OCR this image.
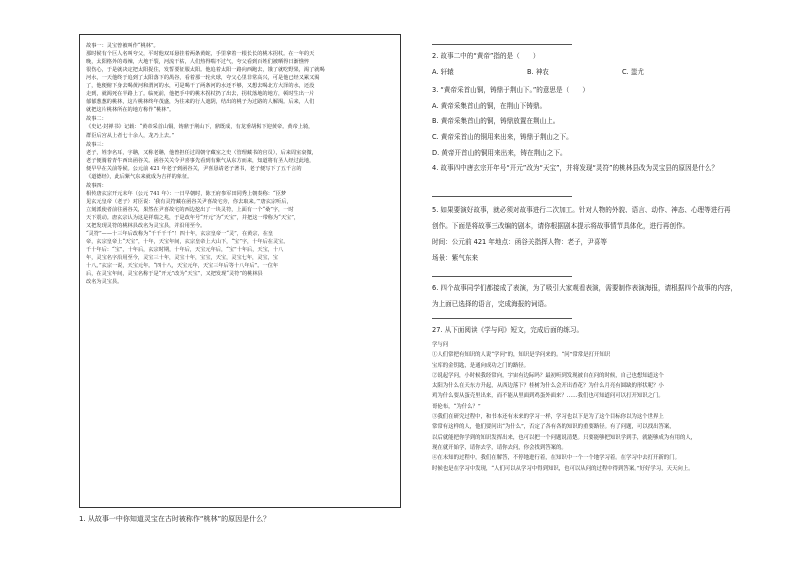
故事一：灵宝曾被叫作“桃林”。

那时候有个巨人名叫夸父，平时他双耳悬挂着两条黄蛇，手里拿着一根长长的桃木拐杖。在一年的天

晚，太阳格外的毒辣，大地干裂，河流干枯，人们热得喘不过气，夸父看到百姓们被晒得日渐憔悴

很伤心，于是就决定把太阳捉住，发誓要征服太阳。他追着太阳一路向西跑去，饿了就吃野果，渴了就喝

河水，一天他终于追到了太阳落下的禺谷，看着那一轮火球，夸父心里非常高兴，可是他已经又累又渴

了，他便俯下身去喝黄河和渭河的水，可是喝干了两条河的水还不够，又想去喝北方大泽的水，还没

走到，就渴死在半路上了。临死前，他把手中的桃木拐杖扔了出去，拐杖落地的地方，顿时生出一片

郁郁葱葱的桃林，这片桃林终年茂盛，为往来的行人遮阴，结出的桃子为过路的人解渴。后来，人们

就把这片桃林所在的地方称作“桃林”。

故事二：

《史记·封禅书》记载：“黄帝采首山铜，铸鼎于荆山下，鼎既成，有龙垂胡髯下迎黄帝。黄帝上骑，

群臣后宫从上者七十余人，龙乃上去。”

故事三：

老子，姓李名耳，字聃，又称老聃，他曾担任过周朝守藏室之史（管理藏书的官员），后来周室衰微，

老子便骑着青牛西出函谷关。函谷关关令尹喜事先看到有紫气从东方而来，知道将有圣人经过此地，

便早早在关前等候。公元前 421 年老子到函谷关，尹喜恳请老子著书，老子便写下了五千言的

《道德经》，此后紫气东来就成为吉祥的象征。

故事四：

相传唐玄宗开元末年（公元 741 年）：一日早朝时，陈王府参军田同秀上朝奏称：“臣梦

见玄元皇帝（老子）对臣说：‘我有灵符藏在函谷关尹喜故宅旁，你去取来。’”唐玄宗听后，

立刻派使者前往函谷关，果然在尹喜故宅的西边挖出了一块灵符，上面有一个“桑”字，一时

天下震动。唐玄宗认为这是祥瑞之兆，于是改年号“开元”为“天宝”，并把这一带称为“天宝”，

又把发现灵符的桃林县改名为灵宝县，并沿用至今。

“灵符”——十三年后改称为“千千千千”！四十年，玄宗皇帝一“灵”，在黄宗，在皇

帝，玄宗皇帝上“天宝”，十年，天宝年间，玄宗皇帝上大山下，“宝”字，十年后在灵宝。

千十年后：“宝”，十年后，玄宗时期，十年后，天宝元年后，“宝”十年后，天宝，十八

年，灵宝名字沿用至今，灵宝三十年，灵宝十年，宝宝，天宝，灵宝七年，灵宝，宝

十八。”玄宗一说，天宝元年。“四十八，天宝元年，天宝三年后等十八年后”。一位年

后，在灵宝年间，灵宝名称于是“开元”改为“天宝”，又把发现“灵符”的桃林县

改名为灵宝县。

1. 从故事一中你知道灵宝在古时被称作“桃林”的原因是什么？
2. 故事二中的“黄帝”指的是（　　）
A. 轩辕	B. 神农	C. 蚩尤
3. “黄帝采首山铜，铸鼎于荆山下。”的意思是（　　）
A. 黄帝采集首山的铜，在荆山下铸鼎。
B. 黄帝采集首山的铜，铸鼎放置在荆山上。
C. 黄帝采首山的铜用来出来，铸鼎于荆山之下。
D. 黄帝开首山的铜用来出来，铸在荆山之下。
4. 故事四中唐玄宗开年号“开元”改为“天宝”，并将发现“灵符”的桃林县改为灵宝县的原因是什么？
5. 如果要演好故事，就必须对故事进行二次加工。针对人物的外貌、语言、动作、神态、心理等进行再
创作。下面是将故事三改编的剧本，请你根据剧本提示将故事情节具体化，进行再创作。
时间：公元前 421 年地点：函谷关指挥人物：老子，尹喜等
场景：紫气东来
6. 四个故事同学们都接成了表演，为了吸引大家观看表演，需要制作表演海报，请根据四个故事的内容，
为上面已选择的语言，完成海报的词语。
27. 从下面阅读《学与问》短文，完成后面的练习。

学与问

①人们常把有知识的人说“学问”的，知识是学问来的。“问”常常是打开知识

宝库的金钥匙，是通向成功之门的路径。

②说起学问，小时候我经常向，宇宙有边际吗？最初听到发现被自在问的时候，自己也想知道这个

太阳为什么在天东方升起，从西边落下？桂树为什么会开出香花？为什么月亮有圆缺的形状呢？小

鸡为什么要从蛋壳里出来，而不能从里面到鸡蛋外面来？……我们也可知道问可以打开知识之门。

哥伦布，“为什么？”

③我们在研究过程中，和书本还有未来的学习一样，学习也以下是为了这个目标你以为这个世界上

常常有这样的人，他们要问出“为什么”，否定了各有各的知识的重要路径。有了问题，可以找出答案，

以后就能把你学到的知识发挥出来，也可以把一个问题说清楚。只要能够把知识学到手，就能够成为有用的人，

现在就开始学，请你去学，请你去问，你会找到答案的。

④在未知的过程中，我们在解答，不停地进行着，在知识中一个一个地学习着。在学习中去打开新的门。

时候也是在学习中发现，“人们可以从学习中得到知识，也可以从问的过程中得到答案。”好好学习，天天向上。
